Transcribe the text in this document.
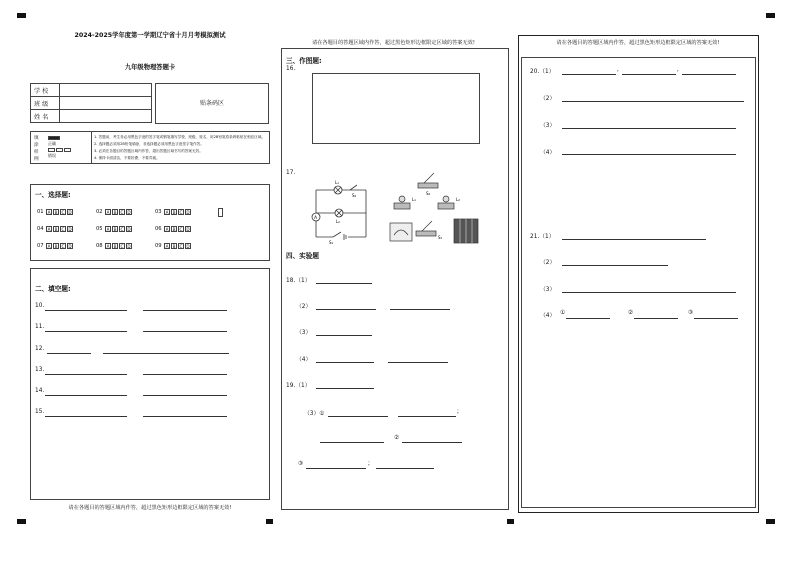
2024-2025学年度第一学期辽宁省十月月考模拟测试
九年级物理答题卡
学 校	
班 级	
姓 名	
贴条码区
填
涂
样
例
正确
错误
1. 答题前，考生务必用黑色字迹的签字笔或钢笔填写学校、班级、姓名，用2B铅笔将条码粘贴在相应区域。
2. 选择题必须用2B铅笔填涂，非选择题必须用黑色字迹签字笔作答。
3. 必须在各题目的答题区域内作答，超出答题区域书写的答案无效。
4. 保持卡面清洁，不要折叠、不要弄破。
一、选择题:
01 A B C D	02 A B C D	03 A B C D
04 A B C D	05 A B C D	06 A B C D
07 A B C D	08 A B C D	09 A B C D
二、填空题:
10.
11.
12.
13.
14.
15.
请在各题目的答题区域内作答，超过黑色矩形边框限定区域的答案无效!
请在各题目的答题区域内作答，超过黑色矩形边框限定区域的答案无效!
三、作图题:
16.
17.
A
L₁
L₂
S₂
S₁
S₂
L₁	L₂
S₁
四、实验题
18.（1）
（2）
（3）
（4）
19.（1）
（3）①	;
②
③	;
请在各题目的答题区域内作答，超过黑色矩形边框限定区域的答案无效!
20.（1）	,	,
（2）
（3）
（4）
21.（1）
（2）
（3）
（4） ①	②	③
